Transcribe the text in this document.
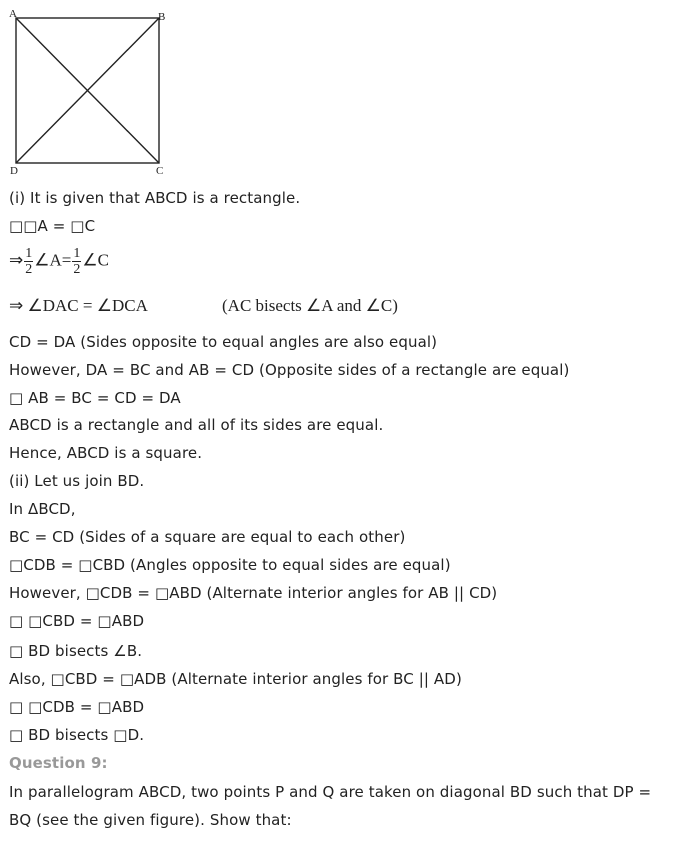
A	B
C
D

(i) It is given that ABCD is a rectangle.

□□A = □C

⇒ $\frac{1}{2}$ ∠A= $\frac{1}{2}$ ∠C
⇒ ∠DAC = ∠DCA	(AC bisects ∠A and ∠C)

CD = DA (Sides opposite to equal angles are also equal)

However, DA = BC and AB = CD (Opposite sides of a rectangle are equal)

□ AB = BC = CD = DA

ABCD is a rectangle and all of its sides are equal.

Hence, ABCD is a square.

(ii) Let us join BD.

In ΔBCD,

BC = CD (Sides of a square are equal to each other)

□CDB = □CBD (Angles opposite to equal sides are equal)

However, □CDB = □ABD (Alternate interior angles for AB || CD)

□ □CBD = □ABD

□ BD bisects ∠B.

Also, □CBD = □ADB (Alternate interior angles for BC || AD)

□ □CDB = □ABD

□ BD bisects □D.

Question 9:

In parallelogram ABCD, two points P and Q are taken on diagonal BD such that DP =

BQ (see the given figure). Show that:
